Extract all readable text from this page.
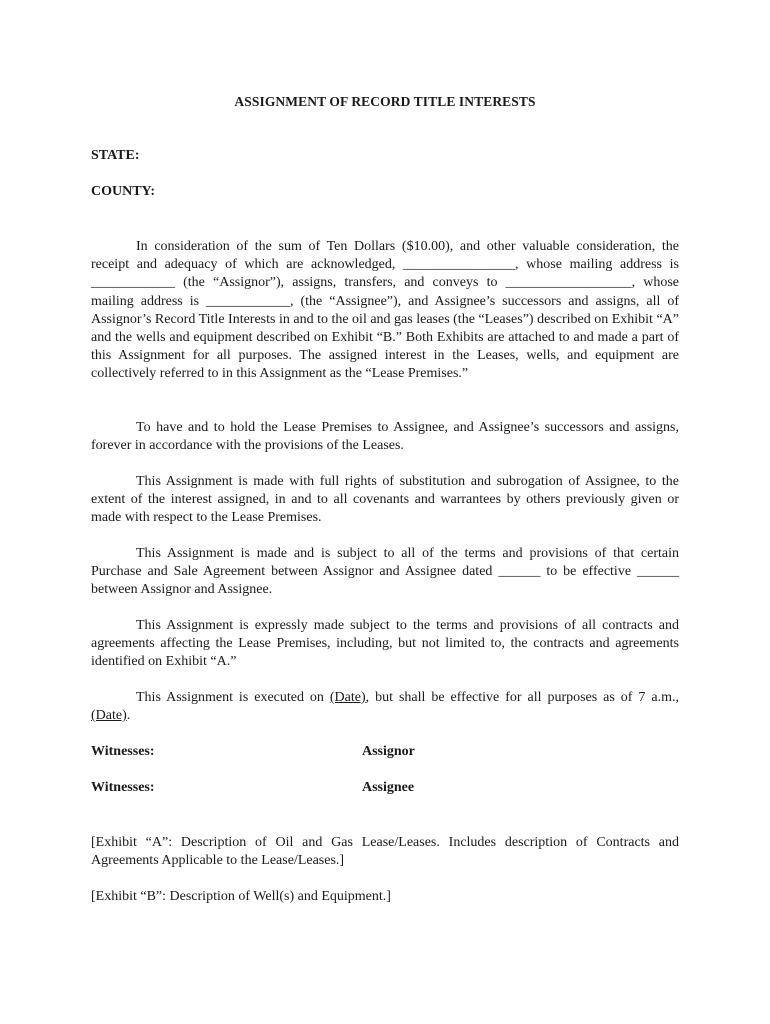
ASSIGNMENT OF RECORD TITLE INTERESTS
STATE:
COUNTY:

In consideration of the sum of Ten Dollars ($10.00), and other valuable consideration, the receipt and adequacy of which are acknowledged, ________________, whose mailing address is ____________ (the “Assignor”), assigns, transfers, and conveys to __________________, whose mailing address is ____________, (the “Assignee”), and Assignee’s successors and assigns, all of Assignor’s Record Title Interests in and to the oil and gas leases (the “Leases”) described on Exhibit “A” and the wells and equipment described on Exhibit “B.” Both Exhibits are attached to and made a part of this Assignment for all purposes. The assigned interest in the Leases, wells, and equipment are collectively referred to in this Assignment as the “Lease Premises.”

To have and to hold the Lease Premises to Assignee, and Assignee’s successors and assigns, forever in accordance with the provisions of the Leases.

This Assignment is made with full rights of substitution and subrogation of Assignee, to the extent of the interest assigned, in and to all covenants and warrantees by others previously given or made with respect to the Lease Premises.

This Assignment is made and is subject to all of the terms and provisions of that certain Purchase and Sale Agreement between Assignor and Assignee dated ______ to be effective ______ between Assignor and Assignee.

This Assignment is expressly made subject to the terms and provisions of all contracts and agreements affecting the Lease Premises, including, but not limited to, the contracts and agreements identified on Exhibit “A.”

This Assignment is executed on (Date), but shall be effective for all purposes as of 7 a.m., (Date).

Witnesses:	Assignor
Witnesses:	Assignee

[Exhibit “A”: Description of Oil and Gas Lease/Leases. Includes description of Contracts and Agreements Applicable to the Lease/Leases.]

[Exhibit “B”: Description of Well(s) and Equipment.]
